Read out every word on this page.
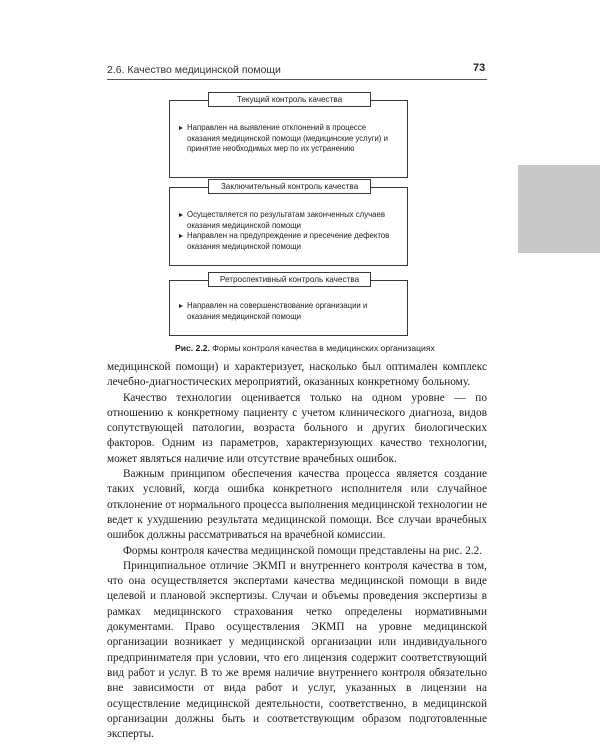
2.6. Качество медицинской помощи	73
Текущий контроль качества
Направлен на выявление отклонений в процессе оказания медицинской помощи (медицинские услуги) и принятие необходимых мер по их устранению
Заключительный контроль качества
Осуществляется по результатам законченных случаев оказания медицинской помощи
Направлен на предупреждение и пресечение дефектов оказания медицинской помощи
Ретроспективный контроль качества
Направлен на совершенствование организации и оказания медицинской помощи
Рис. 2.2. Формы контроля качества в медицинских организациях

медицинской помощи) и характеризует, насколько был оптимален комплекс лечебно-диагностических мероприятий, оказанных конкретному больному.

Качество технологии оценивается только на одном уровне — по отношению к конкретному пациенту с учетом клинического диагноза, видов сопутствующей патологии, возраста больного и других биологических факторов. Одним из параметров, характеризующих качество технологии, может являться наличие или отсутствие врачебных ошибок.

Важным принципом обеспечения качества процесса является создание таких условий, когда ошибка конкретного исполнителя или случайное отклонение от нормального процесса выполнения медицинской технологии не ведет к ухудшению результата медицинской помощи. Все случаи врачебных ошибок должны рассматриваться на врачебной комиссии.

Формы контроля качества медицинской помощи представлены на рис. 2.2.

Принципиальное отличие ЭКМП и внутреннего контроля качества в том, что она осуществляется экспертами качества медицинской помощи в виде целевой и плановой экспертизы. Случаи и объемы проведения экспертизы в рамках медицинского страхования четко определены нормативными документами. Право осуществления ЭКМП на уровне медицинской организации возникает у медицинской организации или индивидуального предпринимателя при условии, что его лицензия содержит соответствующий вид работ и услуг. В то же время наличие внутреннего контроля обязательно вне зависимости от вида работ и услуг, указанных в лицензии на осуществление медицинской деятельности, соответственно, в медицинской организации должны быть и соответствующим образом подготовленные эксперты.
